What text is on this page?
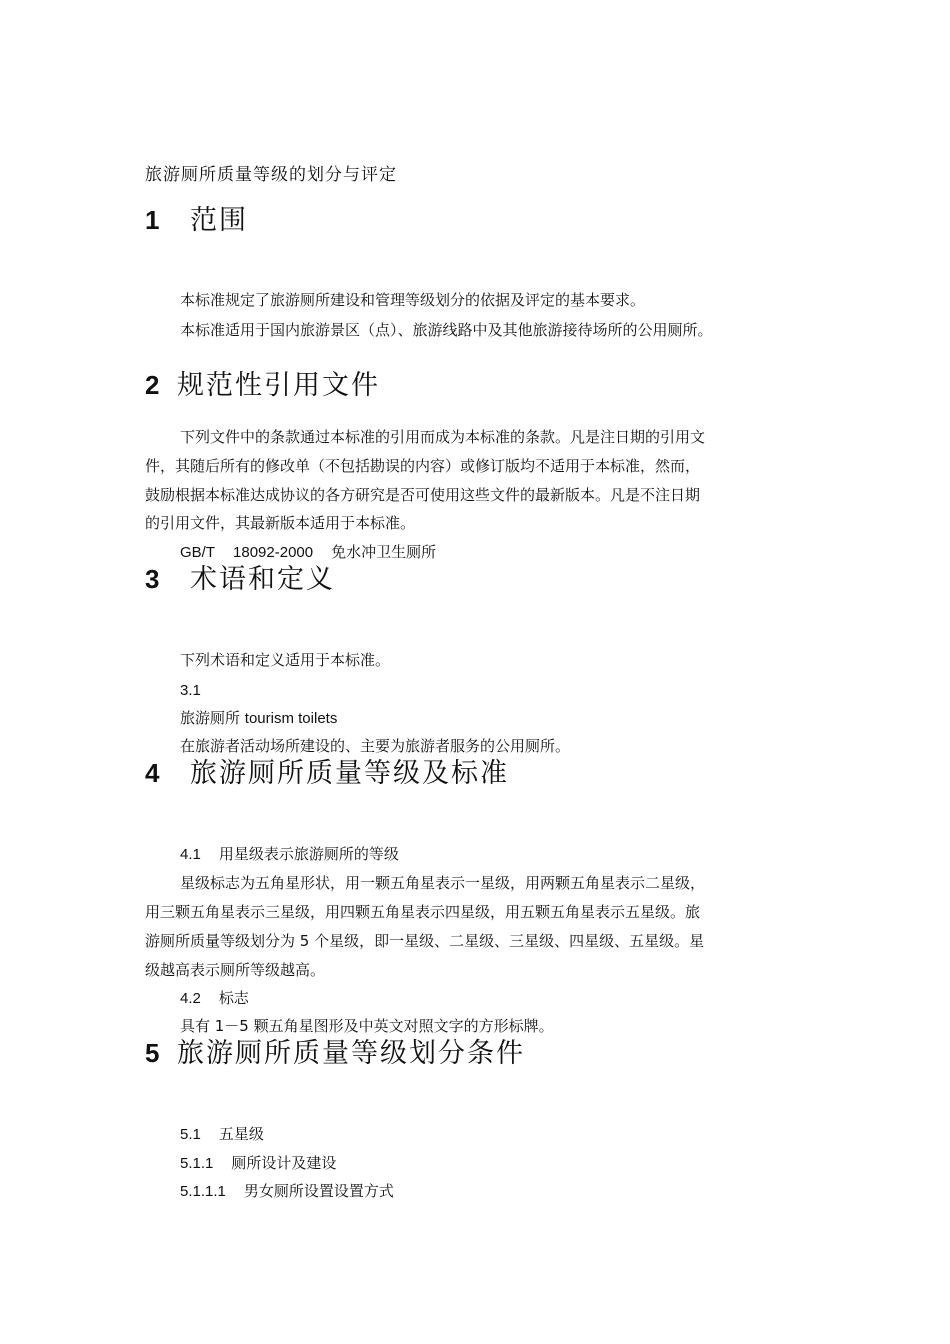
旅游厕所质量等级的划分与评定
1 范围
本标准规定了旅游厕所建设和管理等级划分的依据及评定的基本要求。
本标准适用于国内旅游景区（点）、旅游线路中及其他旅游接待场所的公用厕所。
2 规范性引用文件
下列文件中的条款通过本标准的引用而成为本标准的条款。凡是注日期的引用文
件，其随后所有的修改单（不包括勘误的内容）或修订版均不适用于本标准，然而，
鼓励根据本标准达成协议的各方研究是否可使用这些文件的最新版本。凡是不注日期
的引用文件，其最新版本适用于本标准。
GB/T 18092-2000 免水冲卫生厕所
3 术语和定义
下列术语和定义适用于本标准。
3.1
旅游厕所 tourism toilets
在旅游者活动场所建设的、主要为旅游者服务的公用厕所。
4 旅游厕所质量等级及标准
4.1 用星级表示旅游厕所的等级
星级标志为五角星形状，用一颗五角星表示一星级，用两颗五角星表示二星级，
用三颗五角星表示三星级，用四颗五角星表示四星级，用五颗五角星表示五星级。旅
游厕所质量等级划分为 5 个星级，即一星级、二星级、三星级、四星级、五星级。星
级越高表示厕所等级越高。
4.2 标志
具有 1－5 颗五角星图形及中英文对照文字的方形标牌。
5 旅游厕所质量等级划分条件
5.1 五星级
5.1.1 厕所设计及建设
5.1.1.1 男女厕所设置设置方式
